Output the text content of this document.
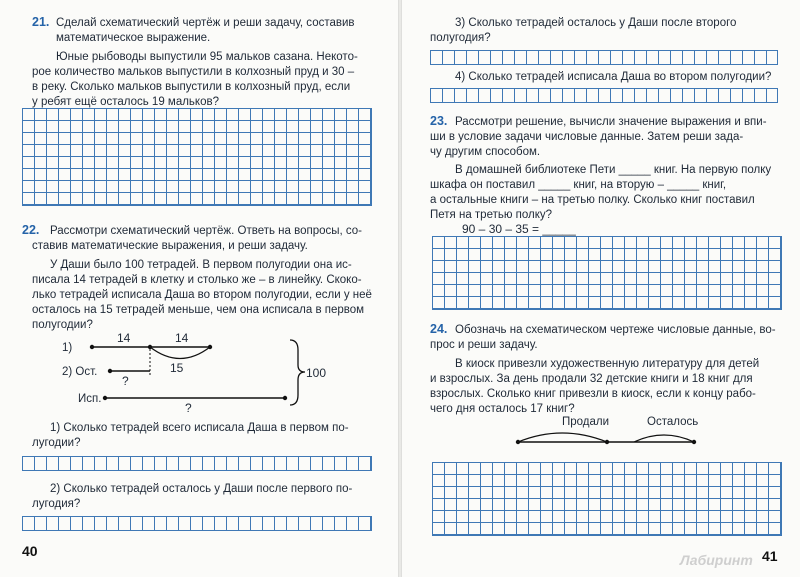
21. Сделай схематический чертёж и реши задачу, составив
математическое выражение.
Юные рыбоводы выпустили 95 мальков сазана. Некото-
рое количество мальков выпустили в колхозный пруд и 30 –
в реку. Сколько мальков выпустили в колхозный пруд, если
у ребят ещё осталось 19 мальков?
22. Рассмотри схематический чертёж. Ответь на вопросы, со-
ставив математические выражения, и реши задачу.
У Даши было 100 тетрадей. В первом полугодии она ис-
писала 14 тетрадей в клетку и столько же – в линейку. Скоко-
лько тетрадей исписала Даша во втором полугодии, если у неё
осталось на 15 тетрадей меньше, чем она исписала в первом
полугодии?
1)
2) Ост.
Исп.
14	14
15
?
?
100
1) Сколько тетрадей всего исписала Даша в первом по-
лугодии?
2) Сколько тетрадей осталось у Даши после первого по-
лугодия?
40
3) Сколько тетрадей осталось у Даши после второго
полугодия?
4) Сколько тетрадей исписала Даша во втором полугодии?
23. Рассмотри решение, вычисли значение выражения и впи-
ши в условие задачи числовые данные. Затем реши зада-
чу другим способом.
В домашней библиотеке Пети _____ книг. На первую полку
шкафа он поставил _____ книг, на вторую – _____ книг,
а остальные книги – на третью полку. Сколько книг поставил
Петя на третью полку?
90 – 30 – 35 = _____
24. Обозначь на схематическом чертеже числовые данные, во-
прос и реши задачу.
В киоск привезли художественную литературу для детей
и взрослых. За день продали 32 детские книги и 18 книг для
взрослых. Сколько книг привезли в киоск, если к концу рабо-
чего дня осталось 17 книг?
Продали	Осталось
Лабиринт 41
